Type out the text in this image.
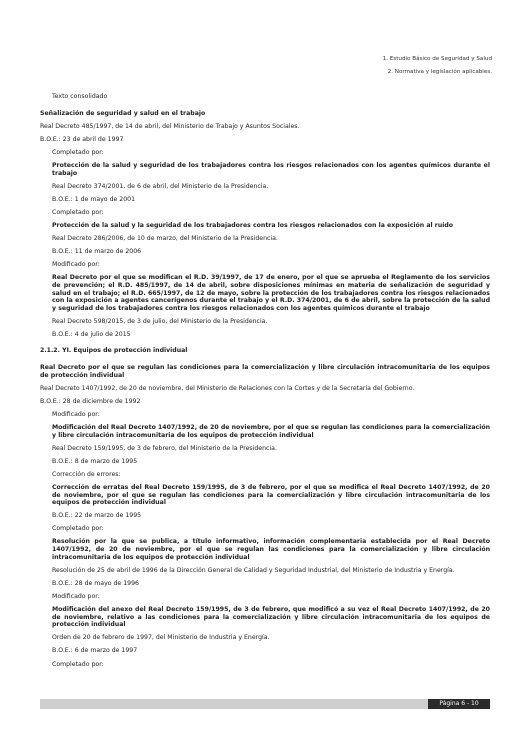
1. Estudio Básico de Seguridad y Salud
2. Normativa y legislación aplicables.

Texto consolidado

Señalización de seguridad y salud en el trabajo

Real Decreto 485/1997, de 14 de abril, del Ministerio de Trabajo y Asuntos Sociales.

B.O.E.: 23 de abril de 1997

Completado por:

Protección de la salud y seguridad de los trabajadores contra los riesgos relacionados con los agentes químicos durante el trabajo

Real Decreto 374/2001, de 6 de abril, del Ministerio de la Presidencia.

B.O.E.: 1 de mayo de 2001

Completado por:

Protección de la salud y la seguridad de los trabajadores contra los riesgos relacionados con la exposición al ruido

Real Decreto 286/2006, de 10 de marzo, del Ministerio de la Presidencia.

B.O.E.: 11 de marzo de 2006

Modificado por:

Real Decreto por el que se modifican el R.D. 39/1997, de 17 de enero, por el que se aprueba el Reglamento de los servicios de prevención; el R.D. 485/1997, de 14 de abril, sobre disposiciones mínimas en materia de señalización de seguridad y salud en el trabajo; el R.D. 665/1997, de 12 de mayo, sobre la protección de los trabajadores contra los riesgos relacionados con la exposición a agentes cancerígenos durante el trabajo y el R.D. 374/2001, de 6 de abril, sobre la protección de la salud y seguridad de los trabajadores contra los riesgos relacionados con los agentes químicos durante el trabajo

Real Decreto 598/2015, de 3 de julio, del Ministerio de la Presidencia.

B.O.E.: 4 de julio de 2015

2.1.2. YI. Equipos de protección individual

Real Decreto por el que se regulan las condiciones para la comercialización y libre circulación intracomunitaria de los equipos de protección individual

Real Decreto 1407/1992, de 20 de noviembre, del Ministerio de Relaciones con la Cortes y de la Secretaría del Gobierno.

B.O.E.: 28 de diciembre de 1992

Modificado por:

Modificación del Real Decreto 1407/1992, de 20 de noviembre, por el que se regulan las condiciones para la comercialización y libre circulación intracomunitaria de los equipos de protección individual

Real Decreto 159/1995, de 3 de febrero, del Ministerio de la Presidencia.

B.O.E.: 8 de marzo de 1995

Corrección de errores:

Corrección de erratas del Real Decreto 159/1995, de 3 de febrero, por el que se modifica el Real Decreto 1407/1992, de 20 de noviembre, por el que se regulan las condiciones para la comercialización y libre circulación intracomunitaria de los equipos de protección individual

B.O.E.: 22 de marzo de 1995

Completado por:

Resolución por la que se publica, a título informativo, información complementaria establecida por el Real Decreto 1407/1992, de 20 de noviembre, por el que se regulan las condiciones para la comercialización y libre circulación intracomunitaria de los equipos de protección individual

Resolución de 25 de abril de 1996 de la Dirección General de Calidad y Seguridad Industrial, del Ministerio de Industria y Energía.

B.O.E.: 28 de mayo de 1996

Modificado por:

Modificación del anexo del Real Decreto 159/1995, de 3 de febrero, que modificó a su vez el Real Decreto 1407/1992, de 20 de noviembre, relativo a las condiciones para la comercialización y libre circulación intracomunitaria de los equipos de protección individual

Orden de 20 de febrero de 1997, del Ministerio de Industria y Energía.

B.O.E.: 6 de marzo de 1997

Completado por:

Página 6 - 10
